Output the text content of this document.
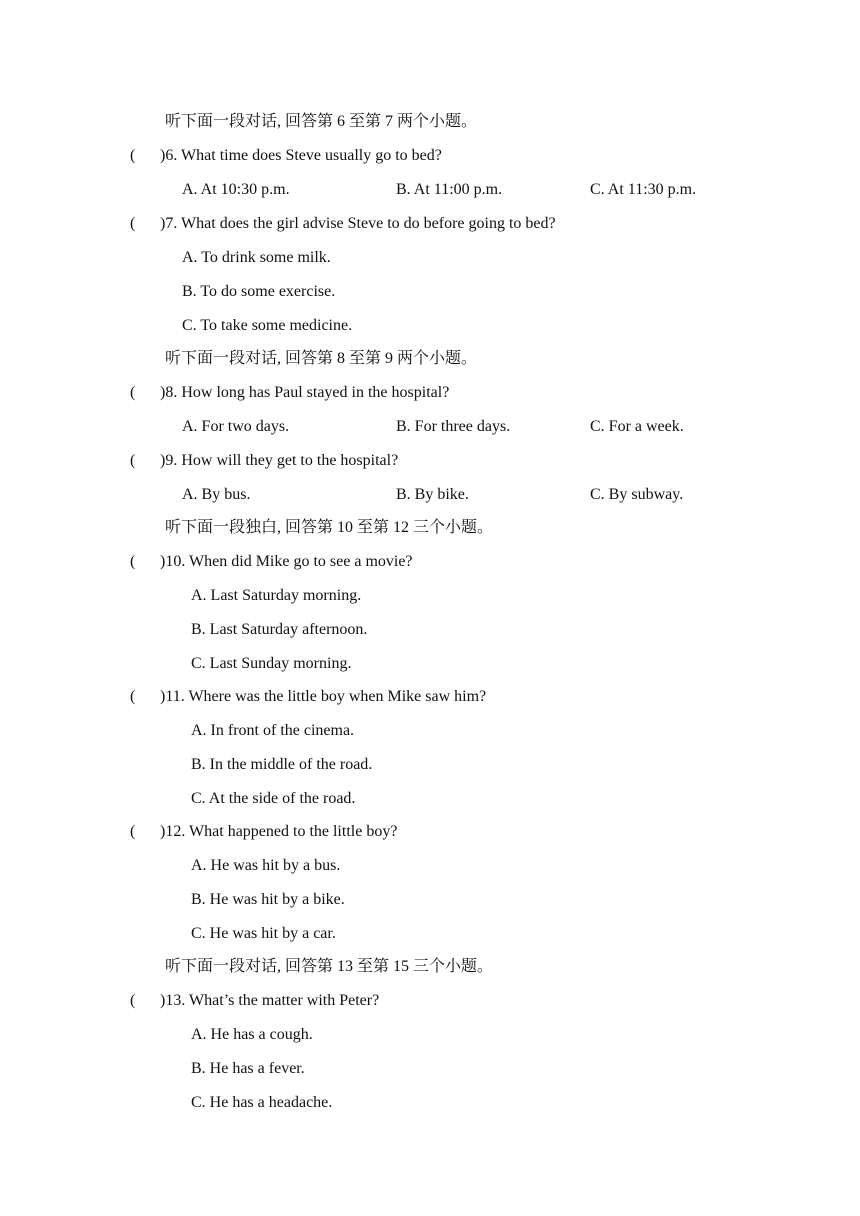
听下面一段对话, 回答第 6 至第 7 两个小题。
( )6. What time does Steve usually go to bed?
A. At 10:30 p.m.	B. At 11:00 p.m.	C. At 11:30 p.m.
( )7. What does the girl advise Steve to do before going to bed?
A. To drink some milk.
B. To do some exercise.
C. To take some medicine.
听下面一段对话, 回答第 8 至第 9 两个小题。
( )8. How long has Paul stayed in the hospital?
A. For two days.	B. For three days.	C. For a week.
( )9. How will they get to the hospital?
A. By bus.	B. By bike.	C. By subway.
听下面一段独白, 回答第 10 至第 12 三个小题。
( )10. When did Mike go to see a movie?
A. Last Saturday morning.
B. Last Saturday afternoon.
C. Last Sunday morning.
( )11. Where was the little boy when Mike saw him?
A. In front of the cinema.
B. In the middle of the road.
C. At the side of the road.
( )12. What happened to the little boy?
A. He was hit by a bus.
B. He was hit by a bike.
C. He was hit by a car.
听下面一段对话, 回答第 13 至第 15 三个小题。
( )13. What’s the matter with Peter?
A. He has a cough.
B. He has a fever.
C. He has a headache.
